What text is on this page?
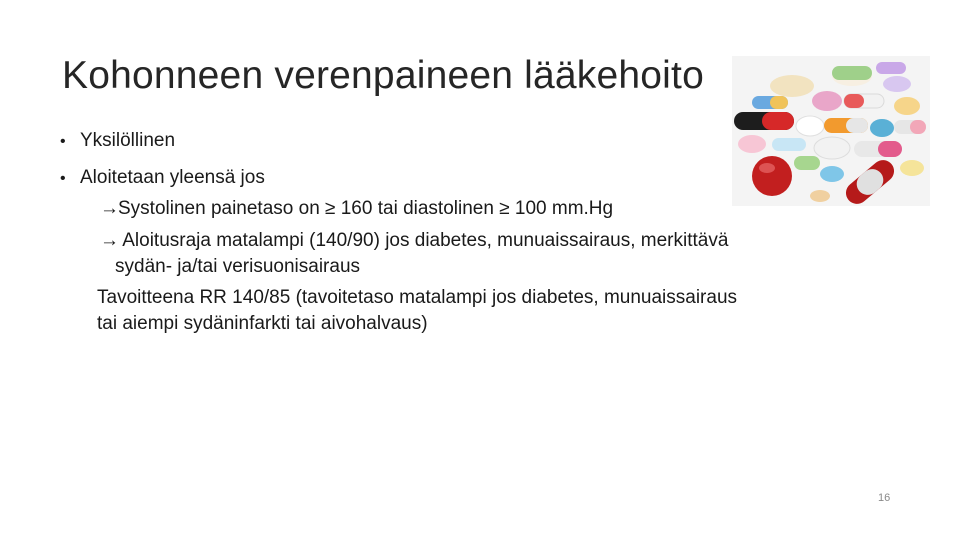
Kohonneen verenpaineen lääkehoito
• Yksilöllinen
• Aloitetaan yleensä jos
→Systolinen painetaso on ≥ 160 tai diastolinen ≥ 100 mm.Hg
→ Aloitusraja matalampi (140/90) jos diabetes, munuaissairaus, merkittävä
sydän- ja/tai verisuonisairaus
Tavoitteena RR 140/85 (tavoitetaso matalampi jos diabetes, munuaissairaus
tai aiempi sydäninfarkti tai aivohalvaus)
16
